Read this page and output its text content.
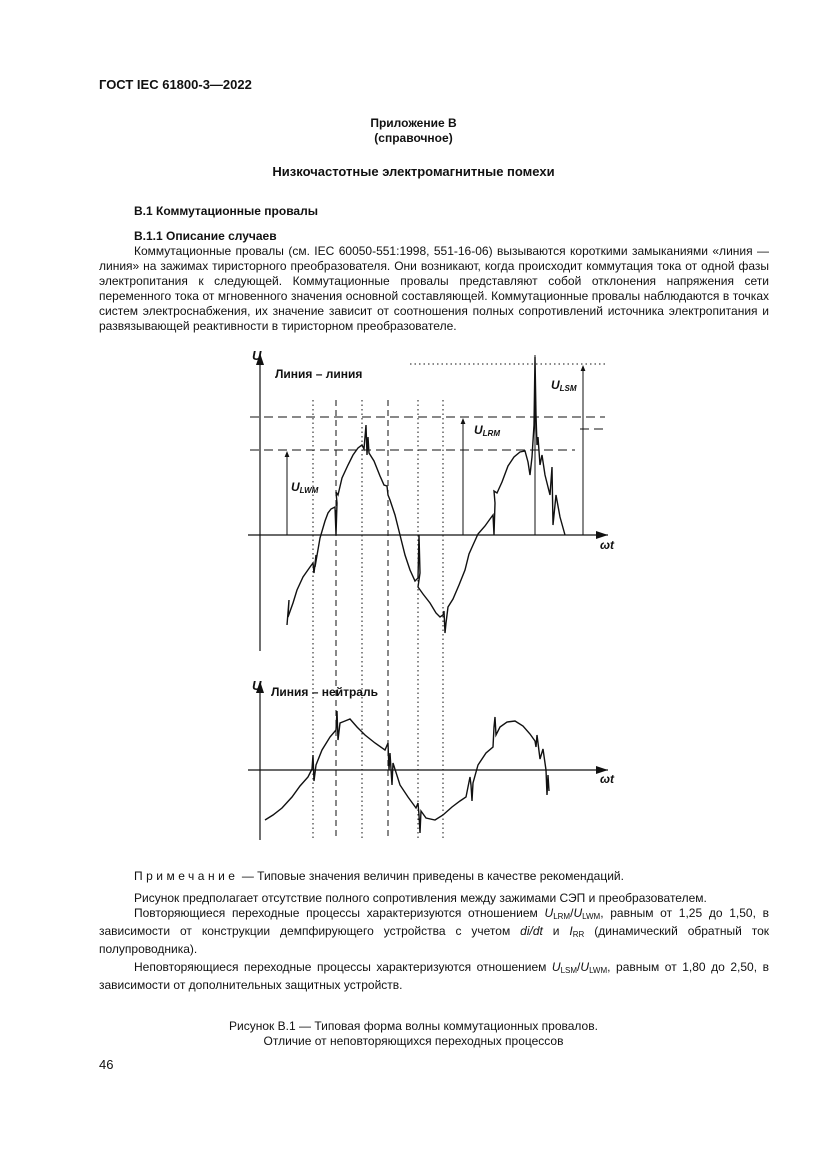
ГОСТ IEC 61800-3—2022
Приложение В
(справочное)
Низкочастотные электромагнитные помехи
В.1 Коммутационные провалы
В.1.1 Описание случаев

Коммутационные провалы (см. IEC 60050-551:1998, 551-16-06) вызываются короткими замыканиями «линия — линия» на зажимах тиристорного преобразователя. Они возникают, когда происходит коммутация тока от одной фазы электропитания к следующей. Коммутационные провалы представляют собой отклонения напряжения сети переменного тока от мгновенного значения основной составляющей. Коммутационные провалы наблюдаются в точках систем электроснабжения, их значение зависит от соотношения полных сопротивлений источника электропитания и развязывающей реактивности в тиристорном преобразователе.

U
Линия – линия
$U_{LSM}$
$U_{LRM}$
$U_{LWM}$
ωt
U Линия – нейтраль
ωt
Примечание — Типовые значения величин приведены в качестве рекомендаций.

Рисунок предполагает отсутствие полного сопротивления между зажимами СЭП и преобразователем.

Повторяющиеся переходные процессы характеризуются отношением $U_{LRM}/U_{LWM}$, равным от 1,25 до 1,50, в зависимости от конструкции демпфирующего устройства с учетом di/dt и $I_{RR}$ (динамический обратный ток полупроводника).

Неповторяющиеся переходные процессы характеризуются отношением $U_{LSM}/U_{LWM}$, равным от 1,80 до 2,50, в зависимости от дополнительных защитных устройств.

Рисунок В.1 — Типовая форма волны коммутационных провалов.
Отличие от неповторяющихся переходных процессов
46
